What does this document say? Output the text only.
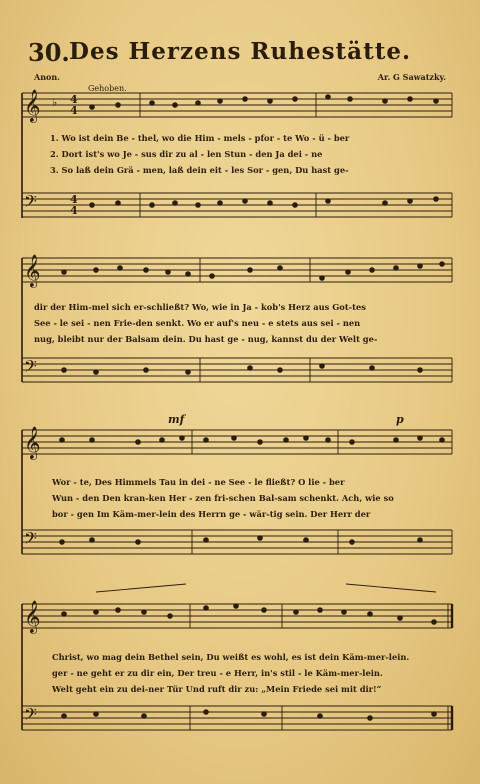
30. Des Herzens Ruhestätte.
Anon.	Ar. G Sawatzky.
Gehoben.
𝄞 ♭ 4
4
𝄢	4
4
1. Wo ist dein Be - thel, wo die Him - mels - pfor - te Wo - ü - ber
2. Dort ist's wo Je - sus dir zu al - len Stun - den Ja dei - ne
3. So laß dein Grä - men, laß dein eit - les Sor - gen, Du hast ge-
𝄞
𝄢
dir der Him-mel sich er-schließt? Wo, wie in Ja - kob's Herz aus Got-tes
See - le sei - nen Frie-den senkt. Wo er auf's neu - e stets aus sei - nen
nug, bleibt nur der Balsam dein. Du hast ge - nug, kannst du der Welt ge-
mf	p
𝄞
𝄢
Wor - te, Des Himmels Tau in dei - ne See - le fließt? O lie - ber
Wun - den Den kran-ken Her - zen fri-schen Bal-sam schenkt. Ach, wie so
bor - gen Im Käm-mer-lein des Herrn ge - wär-tig sein. Der Herr der
𝄞
𝄢
Christ, wo mag dein Bethel sein, Du weißt es wohl, es ist dein Käm-mer-lein.
ger - ne geht er zu dir ein, Der treu - e Herr, in's stil - le Käm-mer-lein.
Welt geht ein zu dei-ner Tür Und ruft dir zu: „Mein Friede sei mit dir!“
